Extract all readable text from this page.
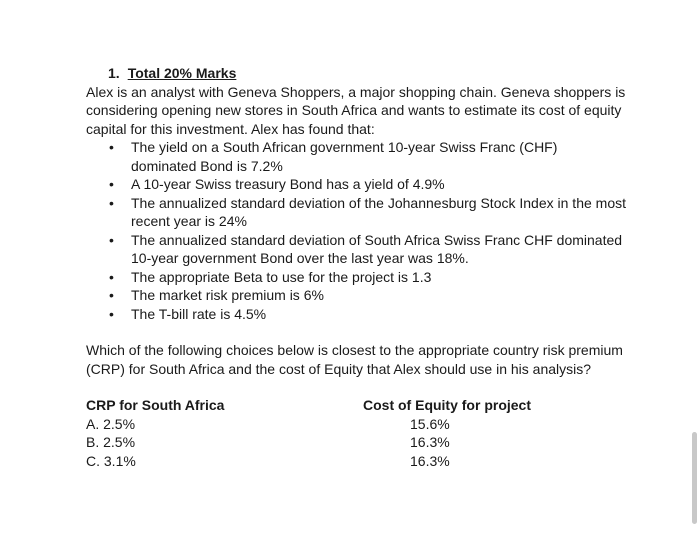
1. Total 20% Marks

Alex is an analyst with Geneva Shoppers, a major shopping chain. Geneva shoppers is considering opening new stores in South Africa and wants to estimate its cost of equity capital for this investment. Alex has found that:

• The yield on a South African government 10-year Swiss Franc (CHF) dominated Bond is 7.2%
• A 10-year Swiss treasury Bond has a yield of 4.9%
• The annualized standard deviation of the Johannesburg Stock Index in the most recent year is 24%
• The annualized standard deviation of South Africa Swiss Franc CHF dominated 10-year government Bond over the last year was 18%.
• The appropriate Beta to use for the project is 1.3
• The market risk premium is 6%
• The T-bill rate is 4.5%

Which of the following choices below is closest to the appropriate country risk premium (CRP) for South Africa and the cost of Equity that Alex should use in his analysis?

CRP for South Africa
A. 2.5%
B. 2.5%
C. 3.1%
Cost of Equity for project
15.6%
16.3%
16.3%
